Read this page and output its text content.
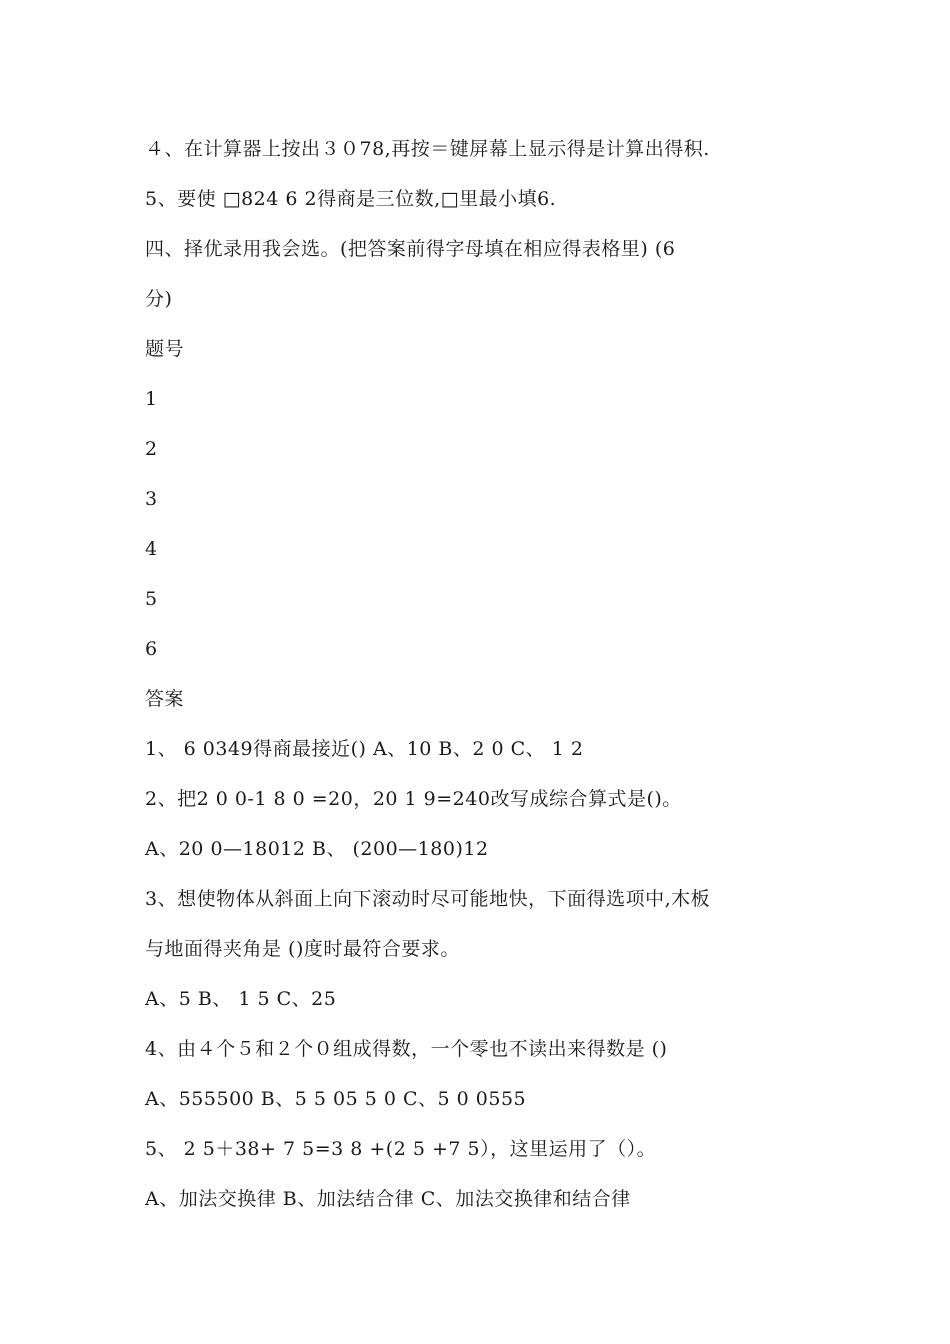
４、在计算器上按出３０78,再按＝键屏幕上显示得是计算出得积.
5、要使 □824 6 2得商是三位数,□里最小填6.
四、择优录用我会选。(把答案前得字母填在相应得表格里) (6
分)
题号
1
2
3
4
5
6
答案
1、 6 0349得商最接近() A、10 B、2 0 C、 1 2
2、把2 0 0-1 8 0 =20，20 1 9=240改写成综合算式是()。
A、20 0—18012 B、 (200—180)12
3、想使物体从斜面上向下滚动时尽可能地快，下面得选项中,木板
与地面得夹角是 ()度时最符合要求。
A、5 B、 1 5 C、25
4、由４个５和２个０组成得数，一个零也不读出来得数是 ()
A、555500 B、5 5 05 5 0 C、5 0 0555
5、 2 5＋38+ 7 5=3 8 +(2 5 +7 5），这里运用了（）。
A、加法交换律 B、加法结合律 C、加法交换律和结合律
